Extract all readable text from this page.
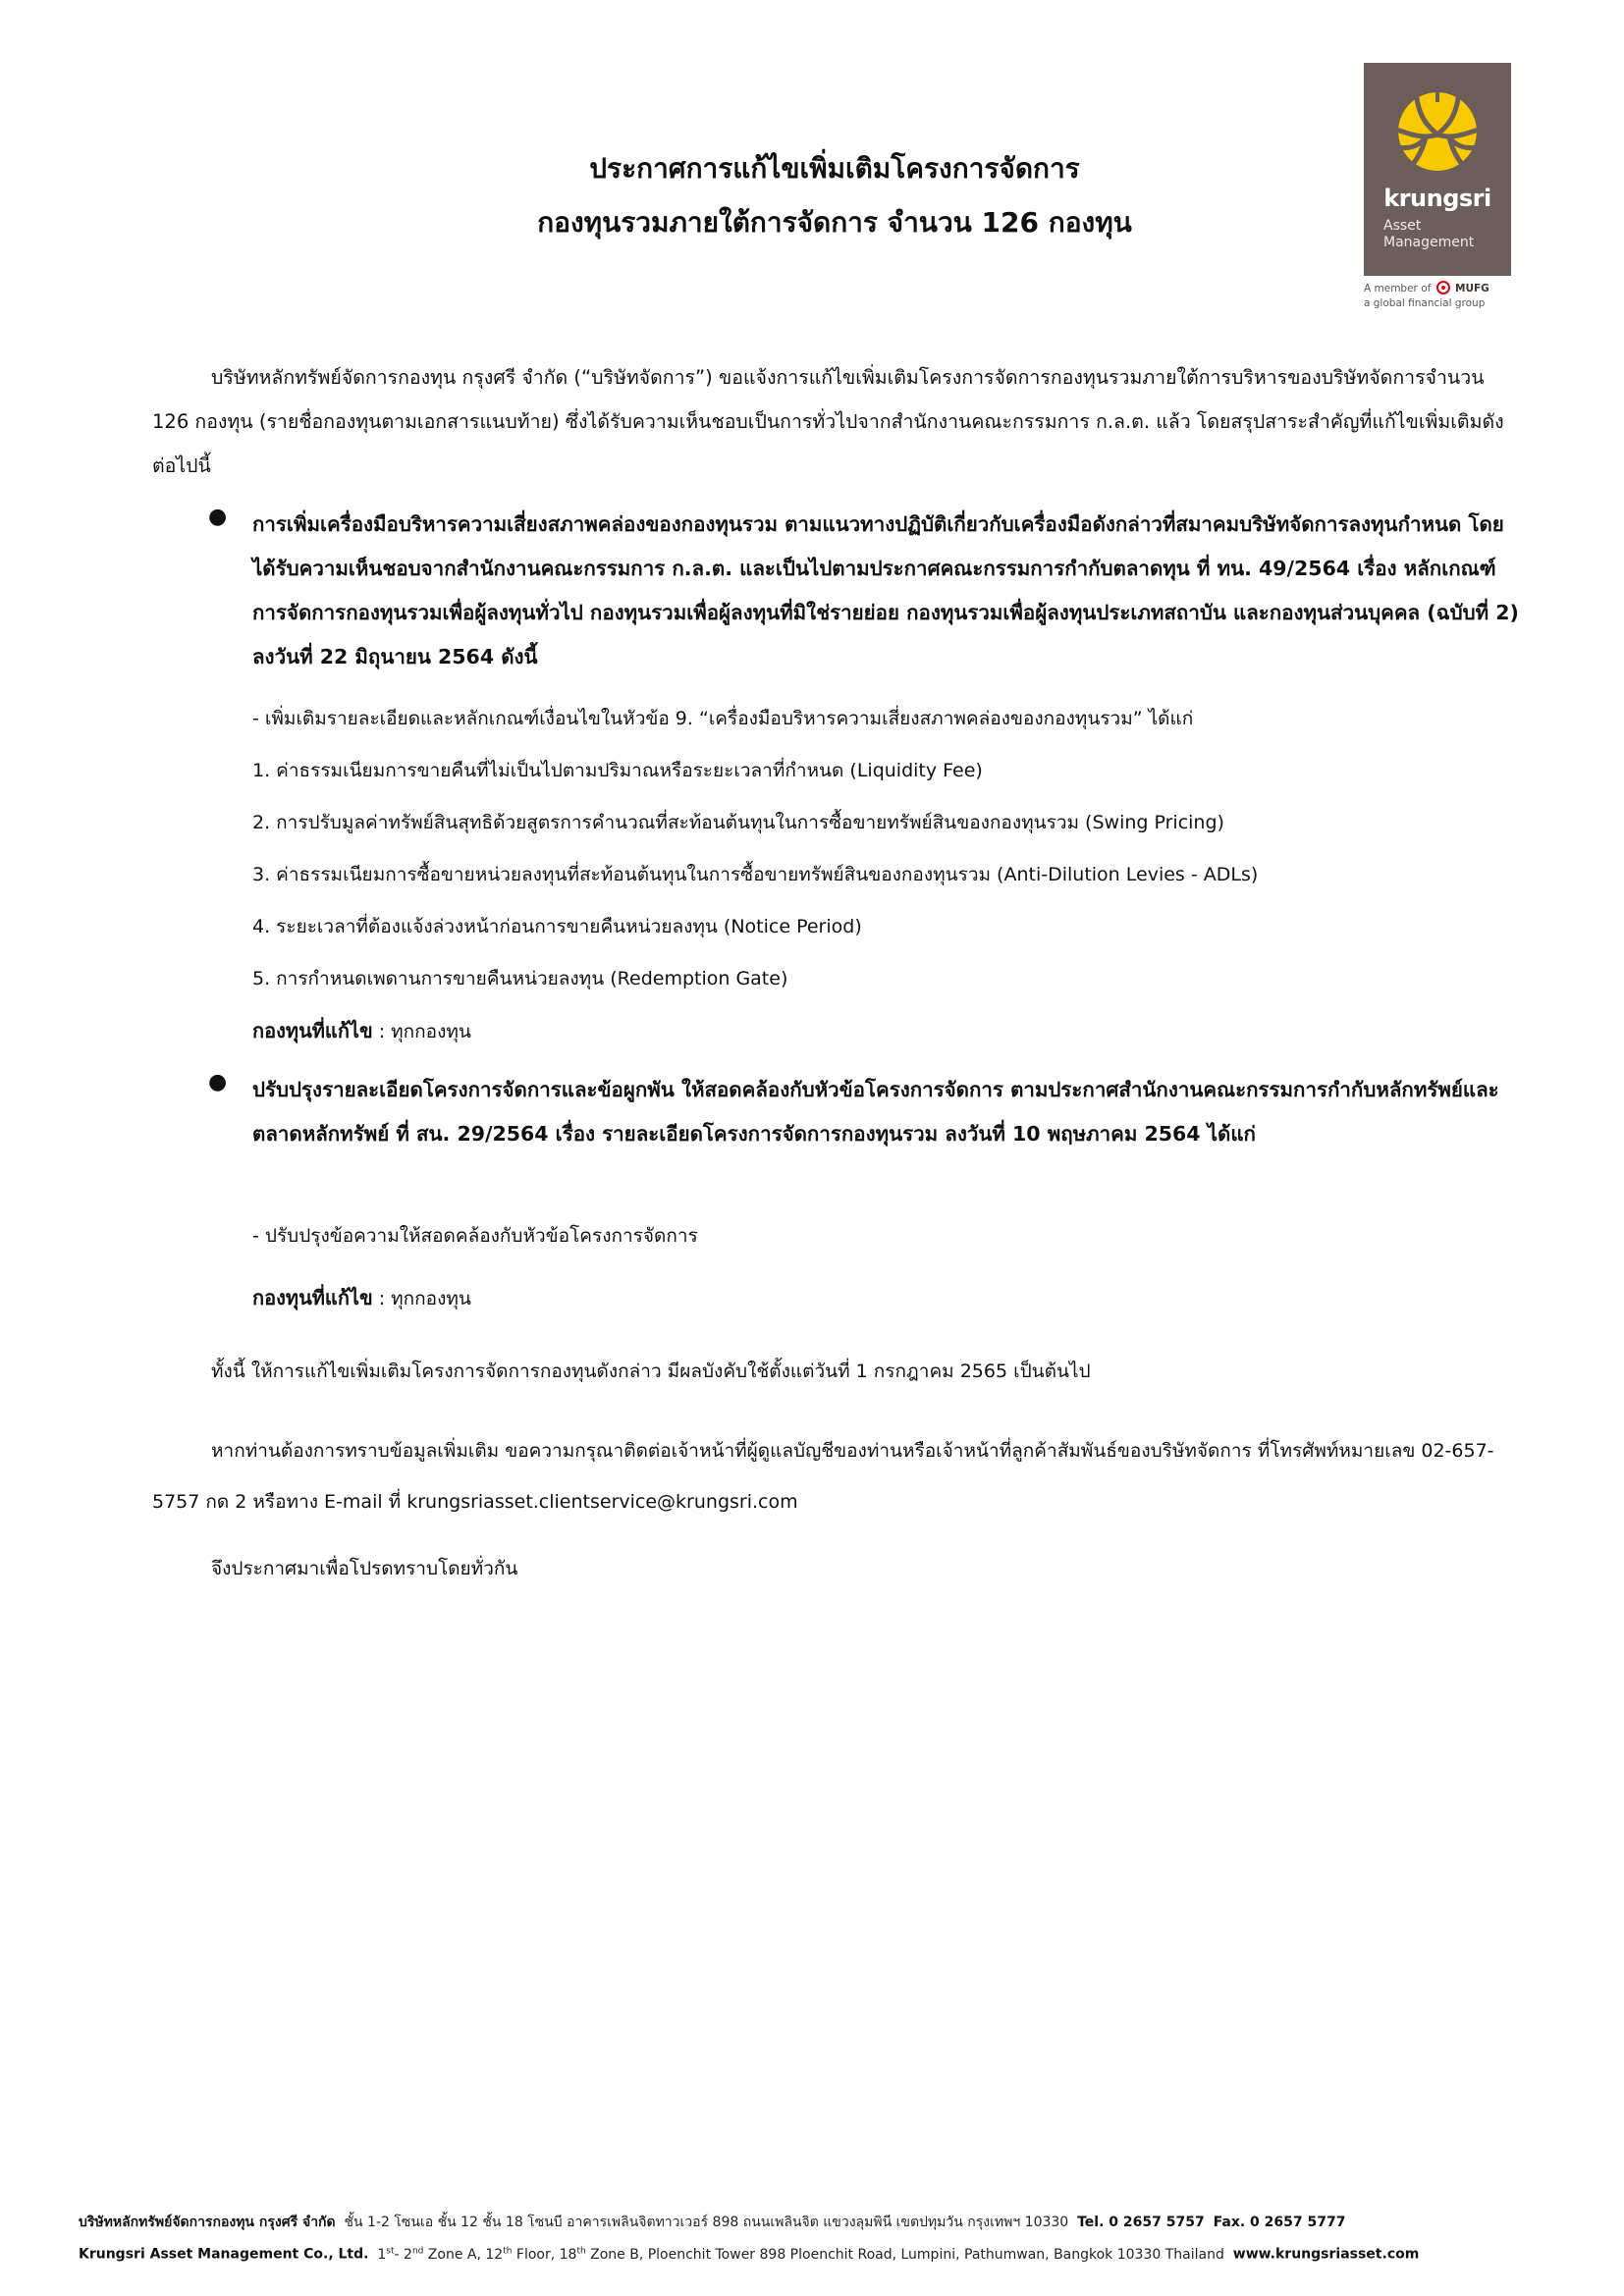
krungsri
Asset
Management
A member of MUFG
a global financial group
ประกาศการแก้ไขเพิ่มเติมโครงการจัดการ
กองทุนรวมภายใต้การจัดการ จำนวน 126 กองทุน
บริษัทหลักทรัพย์จัดการกองทุน กรุงศรี จำกัด (“บริษัทจัดการ”) ขอแจ้งการแก้ไขเพิ่มเติมโครงการจัดการกองทุนรวมภายใต้การบริหารของบริษัทจัดการจำนวน 126 กองทุน (รายชื่อกองทุนตามเอกสารแนบท้าย) ซึ่งได้รับความเห็นชอบเป็นการทั่วไปจากสำนักงานคณะกรรมการ ก.ล.ต. แล้ว โดยสรุปสาระสำคัญที่แก้ไขเพิ่มเติมดังต่อไปนี้
● การเพิ่มเครื่องมือบริหารความเสี่ยงสภาพคล่องของกองทุนรวม ตามแนวทางปฏิบัติเกี่ยวกับเครื่องมือดังกล่าวที่สมาคมบริษัทจัดการลงทุนกำหนด โดยได้รับความเห็นชอบจากสำนักงานคณะกรรมการ ก.ล.ต. และเป็นไปตามประกาศคณะกรรมการกำกับตลาดทุน ที่ ทน. 49/2564 เรื่อง หลักเกณฑ์การจัดการกองทุนรวมเพื่อผู้ลงทุนทั่วไป กองทุนรวมเพื่อผู้ลงทุนที่มิใช่รายย่อย กองทุนรวมเพื่อผู้ลงทุนประเภทสถาบัน และกองทุนส่วนบุคคล (ฉบับที่ 2) ลงวันที่ 22 มิถุนายน 2564 ดังนี้
- เพิ่มเติมรายละเอียดและหลักเกณฑ์เงื่อนไขในหัวข้อ 9. “เครื่องมือบริหารความเสี่ยงสภาพคล่องของกองทุนรวม” ได้แก่
1. ค่าธรรมเนียมการขายคืนที่ไม่เป็นไปตามปริมาณหรือระยะเวลาที่กำหนด (Liquidity Fee)
2. การปรับมูลค่าทรัพย์สินสุทธิด้วยสูตรการคำนวณที่สะท้อนต้นทุนในการซื้อขายทรัพย์สินของกองทุนรวม (Swing Pricing)
3. ค่าธรรมเนียมการซื้อขายหน่วยลงทุนที่สะท้อนต้นทุนในการซื้อขายทรัพย์สินของกองทุนรวม (Anti-Dilution Levies - ADLs)
4. ระยะเวลาที่ต้องแจ้งล่วงหน้าก่อนการขายคืนหน่วยลงทุน (Notice Period)
5. การกำหนดเพดานการขายคืนหน่วยลงทุน (Redemption Gate)
กองทุนที่แก้ไข : ทุกกองทุน
● ปรับปรุงรายละเอียดโครงการจัดการและข้อผูกพัน ให้สอดคล้องกับหัวข้อโครงการจัดการ ตามประกาศสำนักงานคณะกรรมการกำกับหลักทรัพย์และตลาดหลักทรัพย์ ที่ สน. 29/2564 เรื่อง รายละเอียดโครงการจัดการกองทุนรวม ลงวันที่ 10 พฤษภาคม 2564 ได้แก่
- ปรับปรุงข้อความให้สอดคล้องกับหัวข้อโครงการจัดการ
กองทุนที่แก้ไข : ทุกกองทุน
ทั้งนี้ ให้การแก้ไขเพิ่มเติมโครงการจัดการกองทุนดังกล่าว มีผลบังคับใช้ตั้งแต่วันที่ 1 กรกฎาคม 2565 เป็นต้นไป
หากท่านต้องการทราบข้อมูลเพิ่มเติม ขอความกรุณาติดต่อเจ้าหน้าที่ผู้ดูแลบัญชีของท่านหรือเจ้าหน้าที่ลูกค้าสัมพันธ์ของบริษัทจัดการ ที่โทรศัพท์หมายเลข 02-657-5757 กด 2 หรือทาง E-mail ที่ krungsriasset.clientservice@krungsri.com
จึงประกาศมาเพื่อโปรดทราบโดยทั่วกัน
บริษัทหลักทรัพย์จัดการกองทุน กรุงศรี จำกัด ชั้น 1-2 โซนเอ ชั้น 12 ชั้น 18 โซนบี อาคารเพลินจิตทาวเวอร์ 898 ถนนเพลินจิต แขวงลุมพินี เขตปทุมวัน กรุงเทพฯ 10330 Tel. 0 2657 5757 Fax. 0 2657 5777
Krungsri Asset Management Co., Ltd. 1st- 2nd Zone A, 12th Floor, 18th Zone B, Ploenchit Tower 898 Ploenchit Road, Lumpini, Pathumwan, Bangkok 10330 Thailand www.krungsriasset.com
